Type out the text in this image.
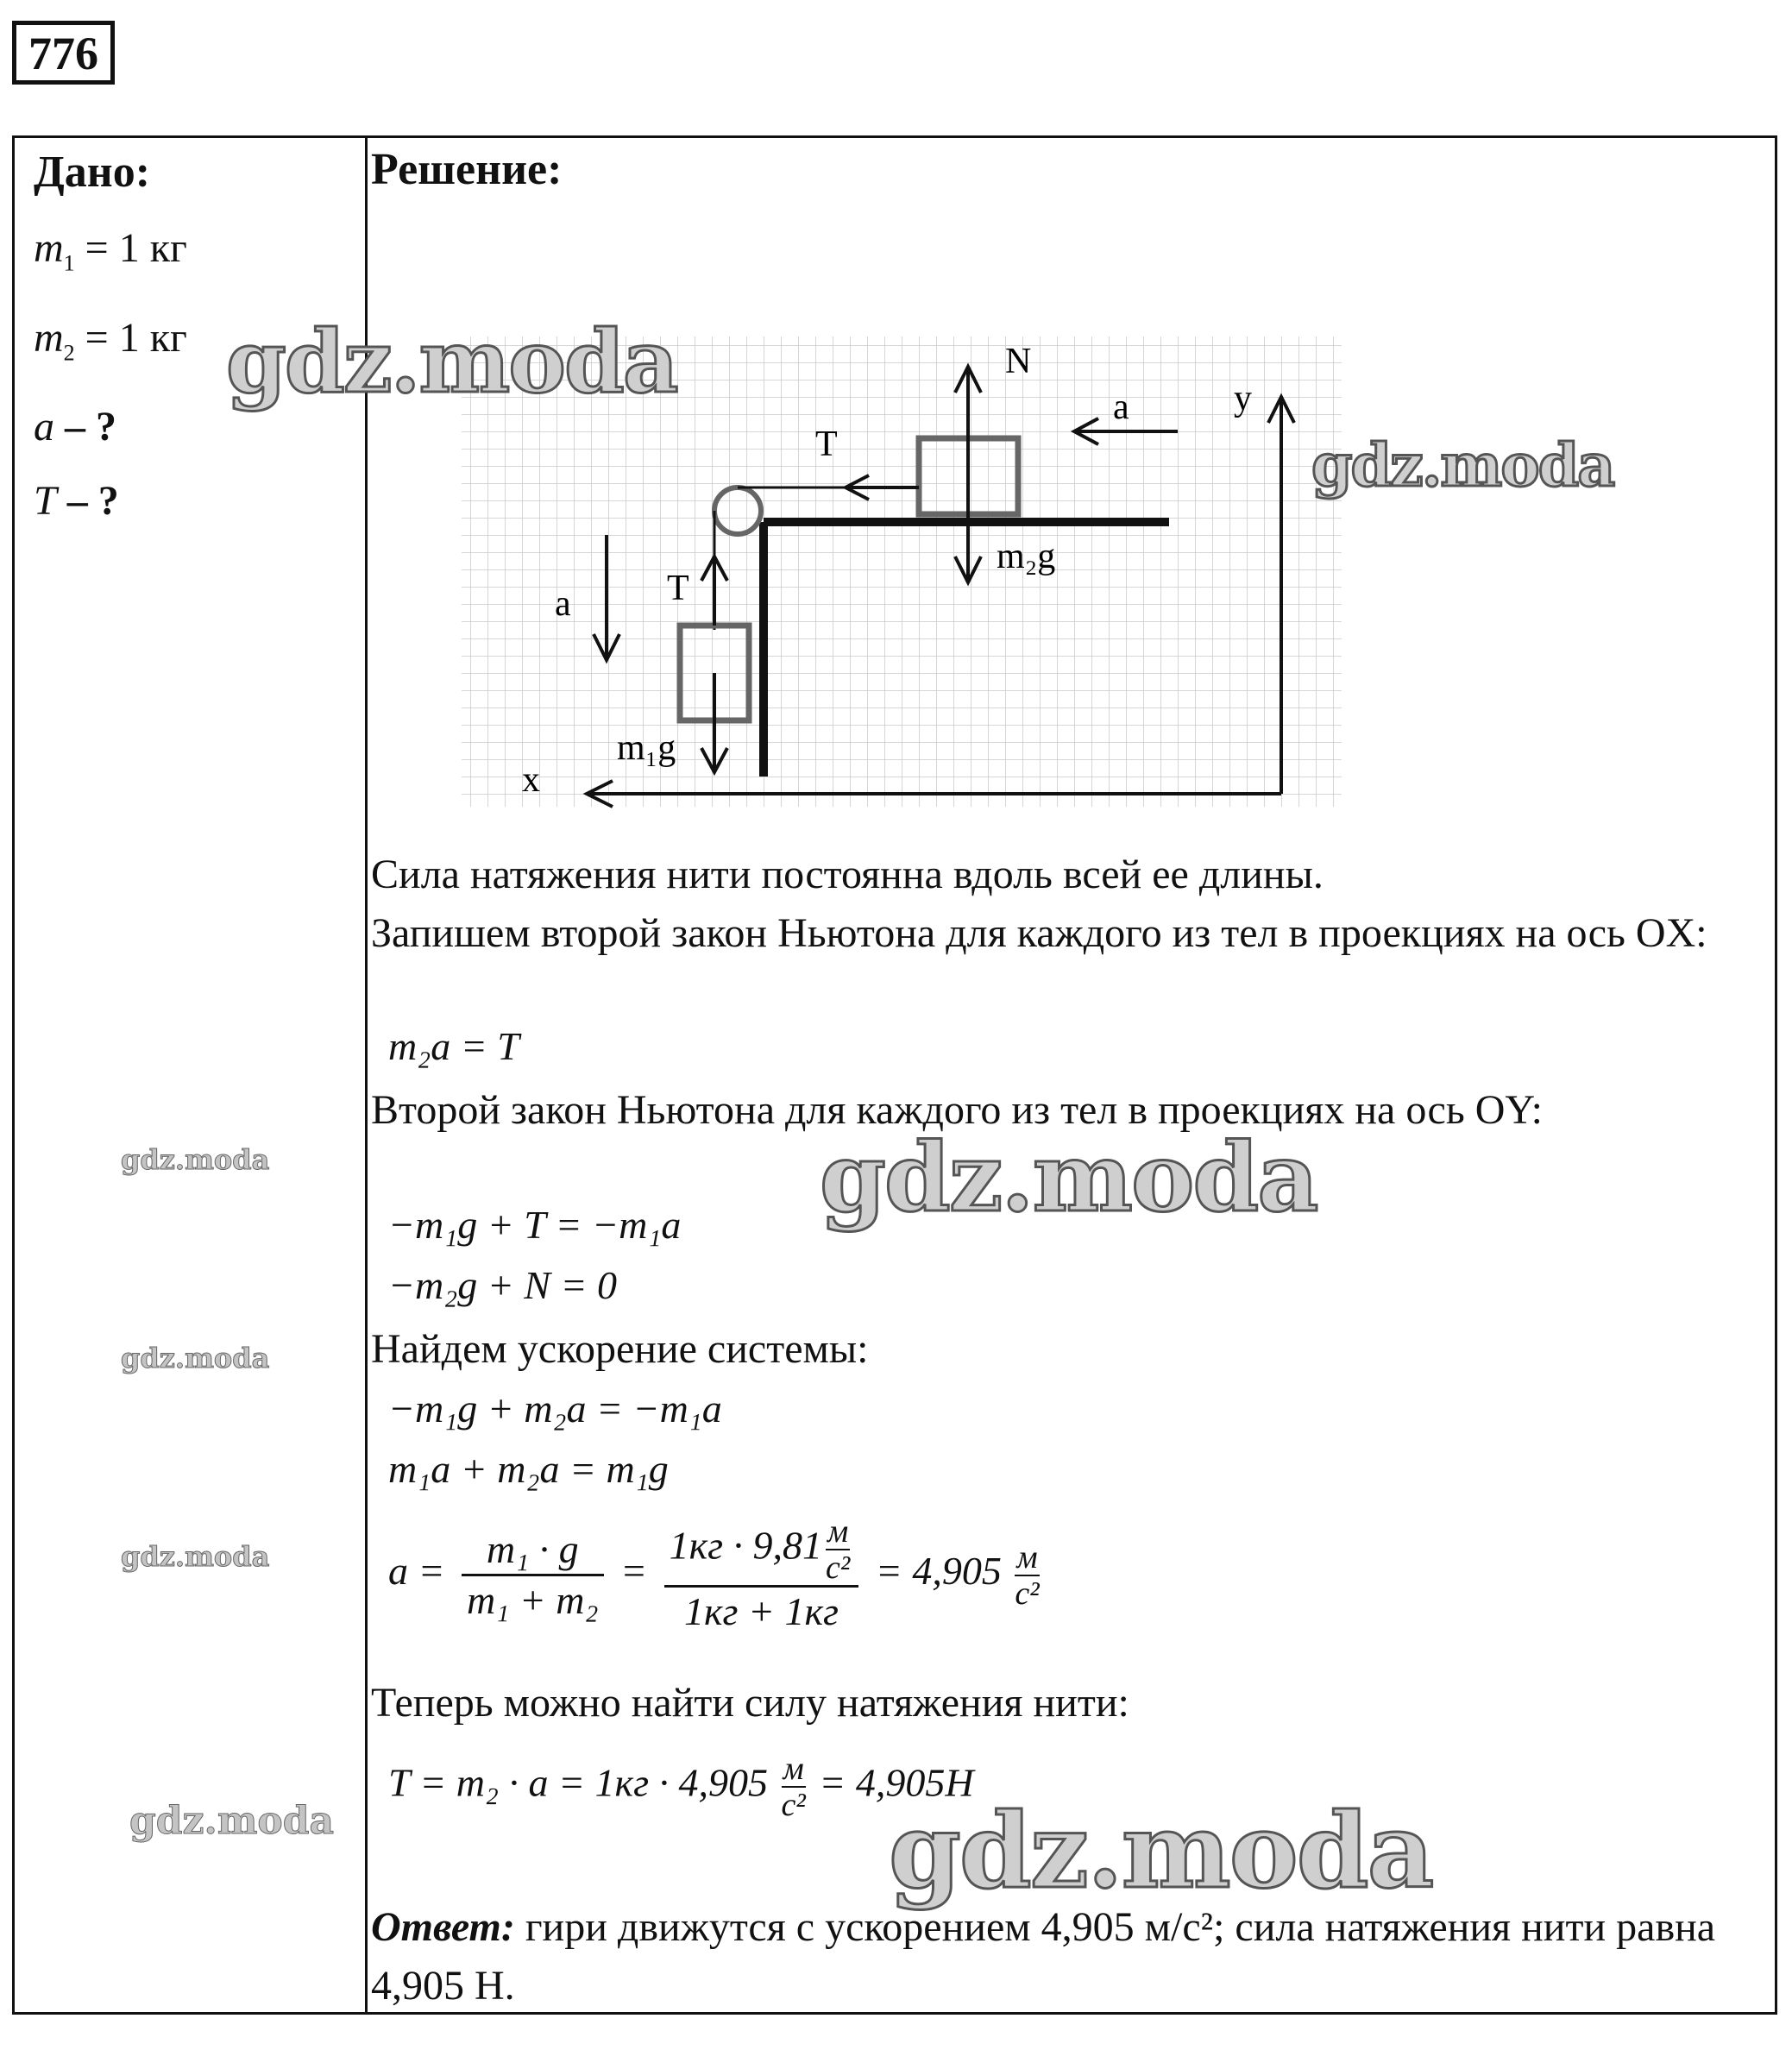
776
Дано:
$m_1 = 1$ кг
$m_2 = 1$ кг
a – ?
T – ?
Решение:
N
a	y
T
m₂g
a	T
m₁g
x
Сила натяжения нити постоянна вдоль всей ее длины.
Запишем второй закон Ньютона для каждого из тел в проекциях на ось OX:
m₂a = T
Второй закон Ньютона для каждого из тел в проекциях на ось OY:
−m₁g + T = −m₁a
−m₂g + N = 0
Найдем ускорение системы:
−m₁g + m₂a = −m₁a
m₁a + m₂a = m₁g
$a = \frac{\text{m₁ · g}}{\text{m₁ + m₂}} = 1кг \cdot 9,81$ м
c²
1кг + 1кг = 4,905 м
c²
Теперь можно найти силу натяжения нити:
T = m₂ · a = 1кг · 4,905 м
c² = 4,905H
Ответ: гири движутся с ускорением 4,905 м/с²; сила натяжения нити равна 4,905 Н.
gdz.moda
gdz.moda
gdz.moda
gdz.moda
gdz.moda
gdz.moda
gdz.moda
gdz.moda
